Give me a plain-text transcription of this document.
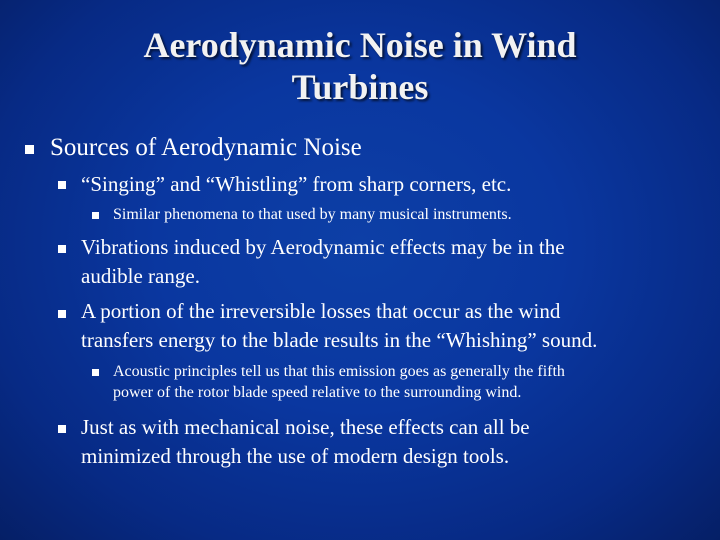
Aerodynamic Noise in Wind
Turbines
Sources of Aerodynamic Noise
“Singing” and “Whistling” from sharp corners, etc.
Similar phenomena to that used by many musical instruments.
Vibrations induced by Aerodynamic effects may be in the
audible range.
A portion of the irreversible losses that occur as the wind
transfers energy to the blade results in the “Whishing” sound.
Acoustic principles tell us that this emission goes as generally the fifth
power of the rotor blade speed relative to the surrounding wind.
Just as with mechanical noise, these effects can all be
minimized through the use of modern design tools.
